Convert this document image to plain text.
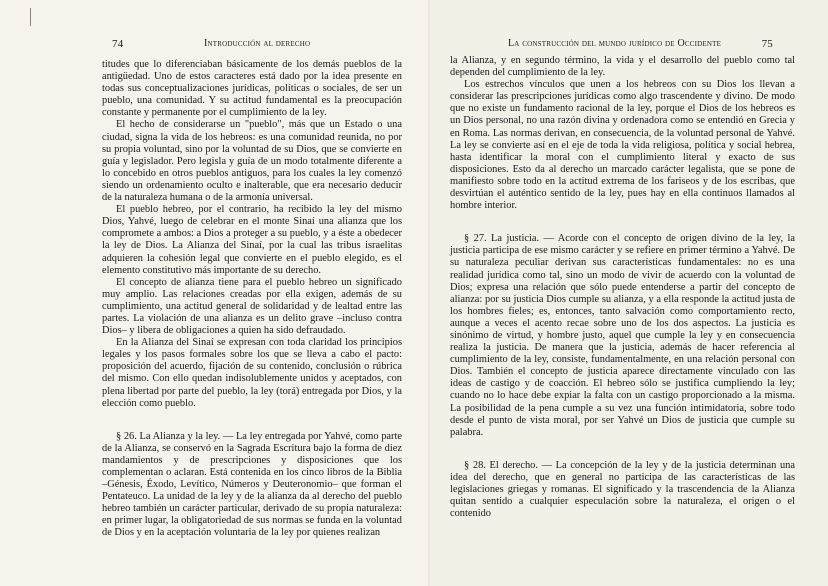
74	Introducción al derecho

titudes que lo diferenciaban básicamente de los demás pueblos de la antigüedad. Uno de estos caracteres está dado por la idea presente en todas sus conceptualizaciones jurídicas, políticas o sociales, de ser un pueblo, una comunidad. Y su actitud fundamental es la preocupación constante y permanente por el cumplimiento de la ley.

El hecho de considerarse un "pueblo", más que un Estado o una ciudad, signa la vida de los hebreos: es una comunidad reunida, no por su propia voluntad, sino por la voluntad de su Dios, que se convierte en guía y legislador. Pero legisla y guía de un modo totalmente diferente a lo concebido en otros pueblos antiguos, para los cuales la ley comenzó siendo un ordenamiento oculto e inalterable, que era necesario deducir de la naturaleza humana o de la armonía universal.

El pueblo hebreo, por el contrario, ha recibido la ley del mismo Dios, Yahvé, luego de celebrar en el monte Sinaí una alianza que los compromete a ambos: a Dios a proteger a su pueblo, y a éste a obedecer la ley de Dios. La Alianza del Sinaí, por la cual las tribus israelitas adquieren la cohesión legal que convierte en el pueblo elegido, es el elemento constitutivo más importante de su derecho.

El concepto de alianza tiene para el pueblo hebreo un significado muy amplio. Las relaciones creadas por ella exigen, además de su cumplimiento, una actitud general de solidaridad y de lealtad entre las partes. La violación de una alianza es un delito grave –incluso contra Dios– y libera de obligaciones a quien ha sido defraudado.

En la Alianza del Sinaí se expresan con toda claridad los principios legales y los pasos formales sobre los que se lleva a cabo el pacto: proposición del acuerdo, fijación de su contenido, conclusión o rúbrica del mismo. Con ello quedan indisolublemente unidos y aceptados, con plena libertad por parte del pueblo, la ley (torá) entregada por Dios, y la elección como pueblo.

§ 26. La Alianza y la ley. — La ley entregada por Yahvé, como parte de la Alianza, se conservó en la Sagrada Escritura bajo la forma de diez mandamientos y de prescripciones y disposiciones que los complementan o aclaran. Está contenida en los cinco libros de la Biblia –Génesis, Éxodo, Levítico, Números y Deuteronomio– que forman el Pentateuco. La unidad de la ley y de la alianza da al derecho del pueblo hebreo también un carácter particular, derivado de su propia naturaleza: en primer lugar, la obligatoriedad de sus normas se funda en la voluntad de Dios y en la aceptación voluntaria de la ley por quienes realizan

La construcción del mundo jurídico de Occidente	75

la Alianza, y en segundo término, la vida y el desarrollo del pueblo como tal dependen del cumplimiento de la ley.

Los estrechos vínculos que unen a los hebreos con su Dios los llevan a considerar las prescripciones jurídicas como algo trascendente y divino. De modo que no existe un fundamento racional de la ley, porque el Dios de los hebreos es un Dios personal, no una razón divina y ordenadora como se entendió en Grecia y en Roma. Las normas derivan, en consecuencia, de la voluntad personal de Yahvé. La ley se convierte así en el eje de toda la vida religiosa, política y social hebrea, hasta identificar la moral con el cumplimiento literal y exacto de sus disposiciones. Esto da al derecho un marcado carácter legalista, que se pone de manifiesto sobre todo en la actitud extrema de los fariseos y de los escribas, que desvirtúan el auténtico sentido de la ley, pues hay en ella continuos llamados al hombre interior.

§ 27. La justicia. — Acorde con el concepto de origen divino de la ley, la justicia participa de ese mismo carácter y se refiere en primer término a Yahvé. De su naturaleza peculiar derivan sus características fundamentales: no es una realidad jurídica como tal, sino un modo de vivir de acuerdo con la voluntad de Dios; expresa una relación que sólo puede entenderse a partir del concepto de alianza: por su justicia Dios cumple su alianza, y a ella responde la actitud justa de los hombres fieles; es, entonces, tanto salvación como comportamiento recto, aunque a veces el acento recae sobre uno de los dos aspectos. La justicia es sinónimo de virtud, y hombre justo, aquel que cumple la ley y en consecuencia realiza la justicia. De manera que la justicia, además de hacer referencia al cumplimiento de la ley, consiste, fundamentalmente, en una relación personal con Dios. También el concepto de justicia aparece directamente vinculado con las ideas de castigo y de coacción. El hebreo sólo se justifica cumpliendo la ley; cuando no lo hace debe expiar la falta con un castigo proporcionado a la misma. La posibilidad de la pena cumple a su vez una función intimidatoria, sobre todo desde el punto de vista moral, por ser Yahvé un Dios de justicia que cumple su palabra.

§ 28. El derecho. — La concepción de la ley y de la justicia determinan una idea del derecho, que en general no participa de las características de las legislaciones griegas y romanas. El significado y la trascendencia de la Alianza quitan sentido a cualquier especulación sobre la naturaleza, el origen o el contenido
